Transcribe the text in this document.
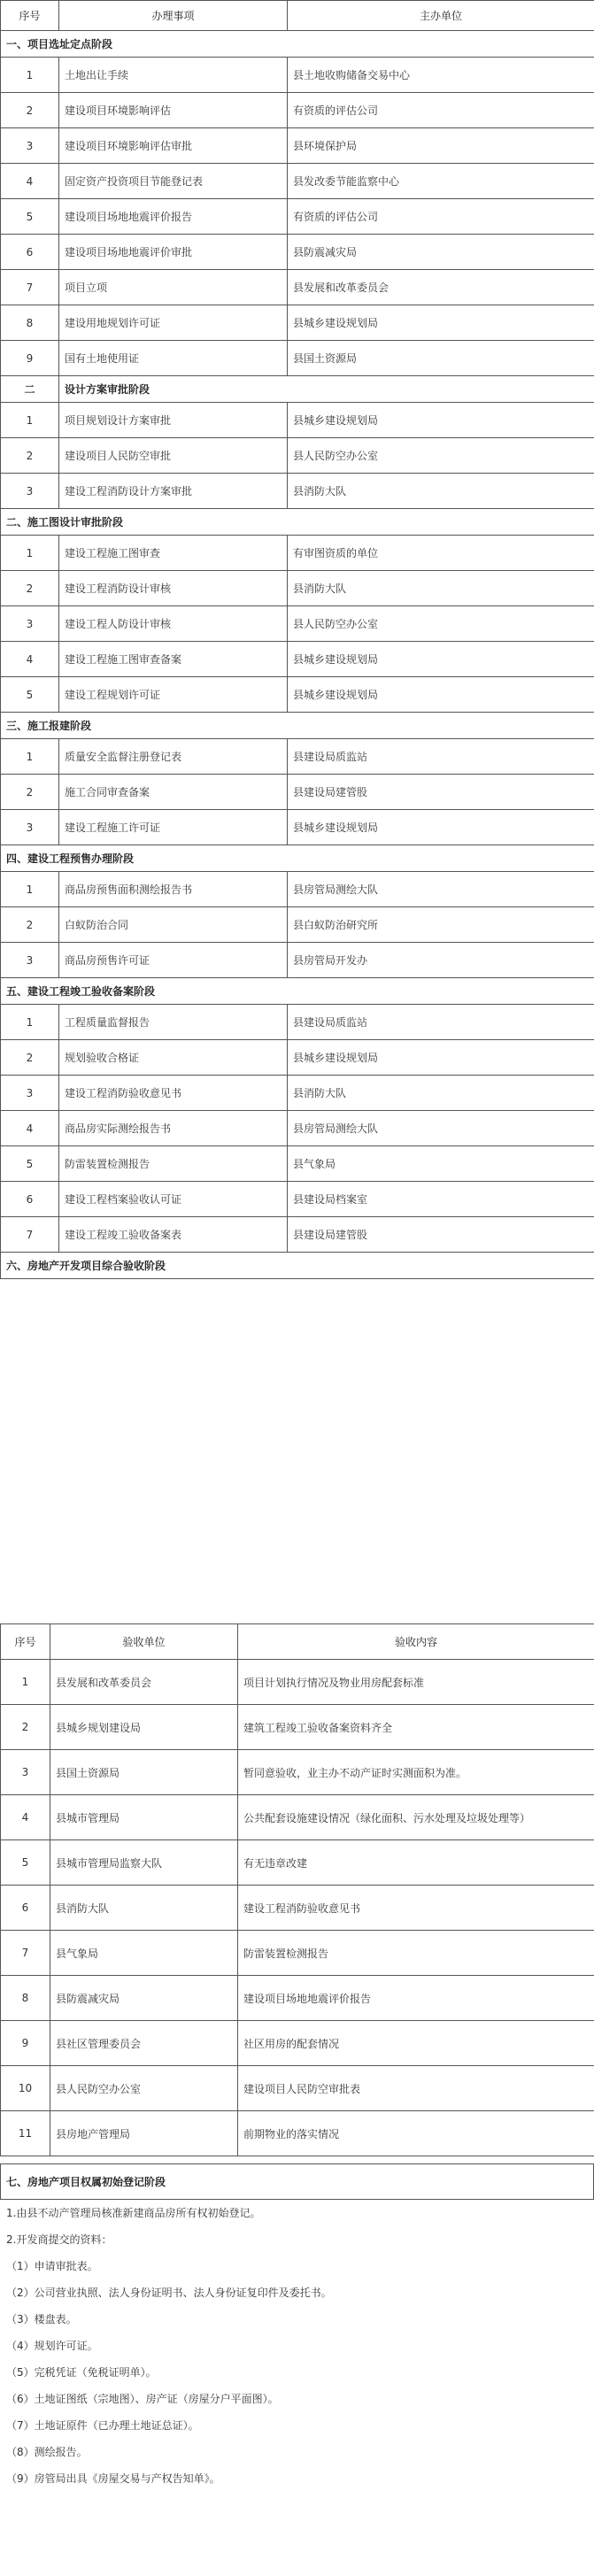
序号	办理事项	主办单位
一、项目选址定点阶段		
1	土地出让手续	县土地收购储备交易中心
2	建设项目环境影响评估	有资质的评估公司
3	建设项目环境影响评估审批	县环境保护局
4	固定资产投资项目节能登记表	县发改委节能监察中心
5	建设项目场地地震评价报告	有资质的评估公司
6	建设项目场地地震评价审批	县防震减灾局
7	项目立项	县发展和改革委员会
8	建设用地规划许可证	县城乡建设规划局
9	国有土地使用证	县国土资源局
二	设计方案审批阶段	
1	项目规划设计方案审批	县城乡建设规划局
2	建设项目人民防空审批	县人民防空办公室
3	建设工程消防设计方案审批	县消防大队
二、施工图设计审批阶段		
1	建设工程施工图审查	有审图资质的单位
2	建设工程消防设计审核	县消防大队
3	建设工程人防设计审核	县人民防空办公室
4	建设工程施工图审查备案	县城乡建设规划局
5	建设工程规划许可证	县城乡建设规划局
三、施工报建阶段		
1	质量安全监督注册登记表	县建设局质监站
2	施工合同审查备案	县建设局建管股
3	建设工程施工许可证	县城乡建设规划局
四、建设工程预售办理阶段		
1	商品房预售面积测绘报告书	县房管局测绘大队
2	白蚁防治合同	县白蚁防治研究所
3	商品房预售许可证	县房管局开发办
五、建设工程竣工验收备案阶段		
1	工程质量监督报告	县建设局质监站
2	规划验收合格证	县城乡建设规划局
3	建设工程消防验收意见书	县消防大队
4	商品房实际测绘报告书	县房管局测绘大队
5	防雷装置检测报告	县气象局
6	建设工程档案验收认可证	县建设局档案室
7	建设工程竣工验收备案表	县建设局建管股
六、房地产开发项目综合验收阶段		
序号	验收单位	验收内容
1	县发展和改革委员会	项目计划执行情况及物业用房配套标准
2	县城乡规划建设局	建筑工程竣工验收备案资料齐全
3	县国土资源局	暂同意验收，业主办不动产证时实测面积为准。
4	县城市管理局	公共配套设施建设情况（绿化面积、污水处理及垃圾处理等）
5	县城市管理局监察大队	有无违章改建
6	县消防大队	建设工程消防验收意见书
7	县气象局	防雷装置检测报告
8	县防震减灾局	建设项目场地地震评价报告
9	县社区管理委员会	社区用房的配套情况
10	县人民防空办公室	建设项目人民防空审批表
11	县房地产管理局	前期物业的落实情况
七、房地产项目权属初始登记阶段
1.由县不动产管理局核准新建商品房所有权初始登记。
2.开发商提交的资料：
（1）申请审批表。
（2）公司营业执照、法人身份证明书、法人身份证复印件及委托书。
（3）楼盘表。
（4）规划许可证。
（5）完税凭证（免税证明单）。
（6）土地证图纸（宗地图）、房产证（房屋分户平面图）。
（7）土地证原件（已办理土地证总证）。
（8）测绘报告。
（9）房管局出具《房屋交易与产权告知单》。
